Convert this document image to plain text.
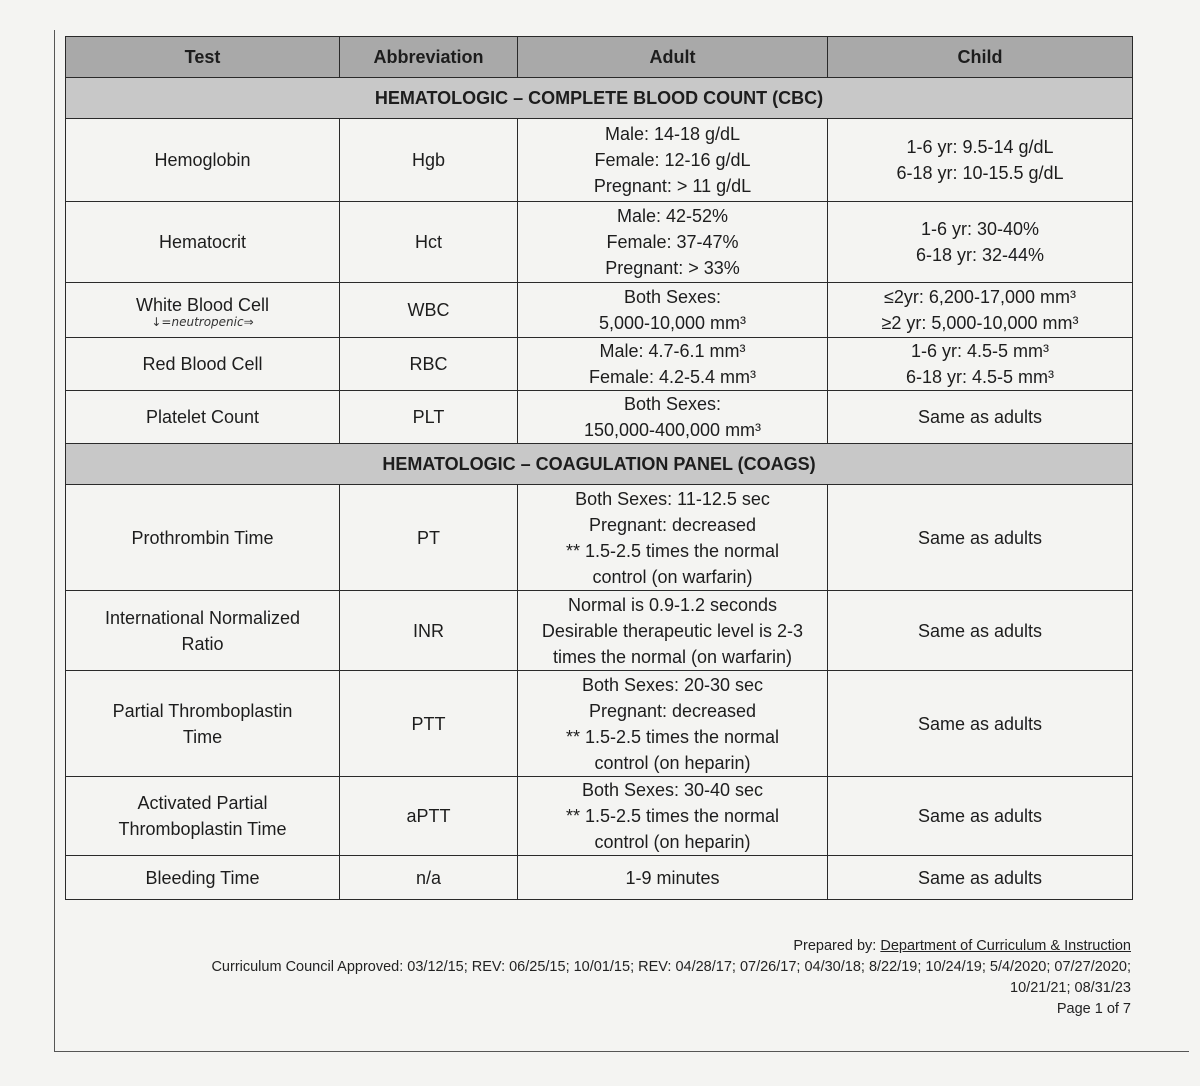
Test	Abbreviation	Adult	Child
HEMATOLOGIC – COMPLETE BLOOD COUNT (CBC)			

Hemoglobin	Hgb	Male: 14-18 g/dL
Female: 12-16 g/dL
Pregnant: > 11 g/dL	1-6 yr: 9.5-14 g/dL
6-18 yr: 10-15.5 g/dL

Hematocrit	Hct	Male: 42-52%
Female: 37-47%
Pregnant: > 33%	1-6 yr: 30-40%
6-18 yr: 32-44%

White Blood Cell
↓=neutropenic⇒	WBC	Both Sexes:
5,000-10,000 mm³	≤2yr: 6,200-17,000 mm³
≥2 yr: 5,000-10,000 mm³

Red Blood Cell	RBC	Male: 4.7-6.1 mm³
Female: 4.2-5.4 mm³	1-6 yr: 4.5-5 mm³
6-18 yr: 4.5-5 mm³

Platelet Count	PLT	Both Sexes:
150,000-400,000 mm³	Same as adults

HEMATOLOGIC – COAGULATION PANEL (COAGS)			

Prothrombin Time	PT	Both Sexes: 11-12.5 sec
Pregnant: decreased
** 1.5-2.5 times the normal
control (on warfarin)	Same as adults

International Normalized
Ratio	INR	Normal is 0.9-1.2 seconds
Desirable therapeutic level is 2-3
times the normal (on warfarin)	Same as adults

Partial Thromboplastin
Time	PTT	Both Sexes: 20-30 sec
Pregnant: decreased
** 1.5-2.5 times the normal
control (on heparin)	Same as adults

Activated Partial
Thromboplastin Time	aPTT	Both Sexes: 30-40 sec
** 1.5-2.5 times the normal
control (on heparin)	Same as adults

Bleeding Time	n/a	1-9 minutes	Same as adults
Prepared by: Department of Curriculum & Instruction
Curriculum Council Approved: 03/12/15; REV: 06/25/15; 10/01/15; REV: 04/28/17; 07/26/17; 04/30/18; 8/22/19; 10/24/19; 5/4/2020; 07/27/2020;
10/21/21; 08/31/23
Page 1 of 7
